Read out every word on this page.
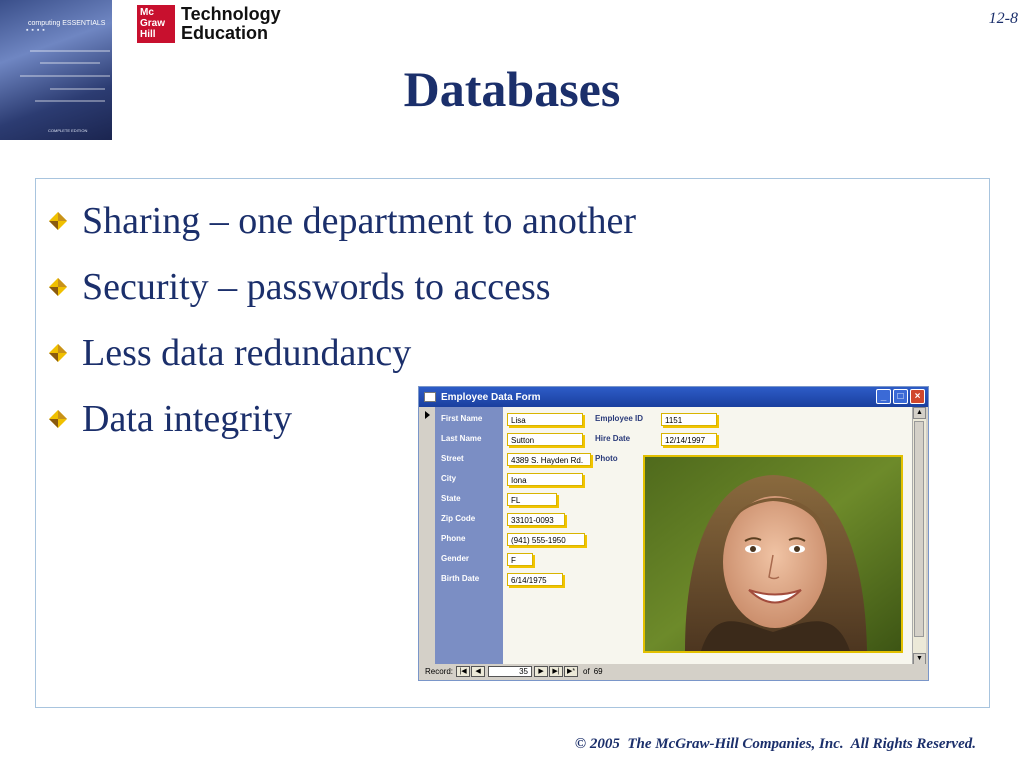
▪ ▪ ▪ ▪
computing ESSENTIALS
COMPLETE EDITION
Mc
Graw
Hill
Technology
Education
12-8
Databases
Sharing – one department to another
Security – passwords to access
Less data redundancy
Data integrity
Employee Data Form	_	□	×
First Name	Lisa
Last Name	Sutton
Street	4389 S. Hayden Rd.
City	Iona
State	FL
Zip Code	33101-0093
Phone	(941) 555-1950
Gender	F
Birth Date	6/14/1975
Employee ID	1151
Hire Date	12/14/1997
Photo
▲
▼
Record: |◀	◀	35	▶	▶|	▶* of 69
© 2005  The McGraw-Hill Companies, Inc.  All Rights Reserved.
